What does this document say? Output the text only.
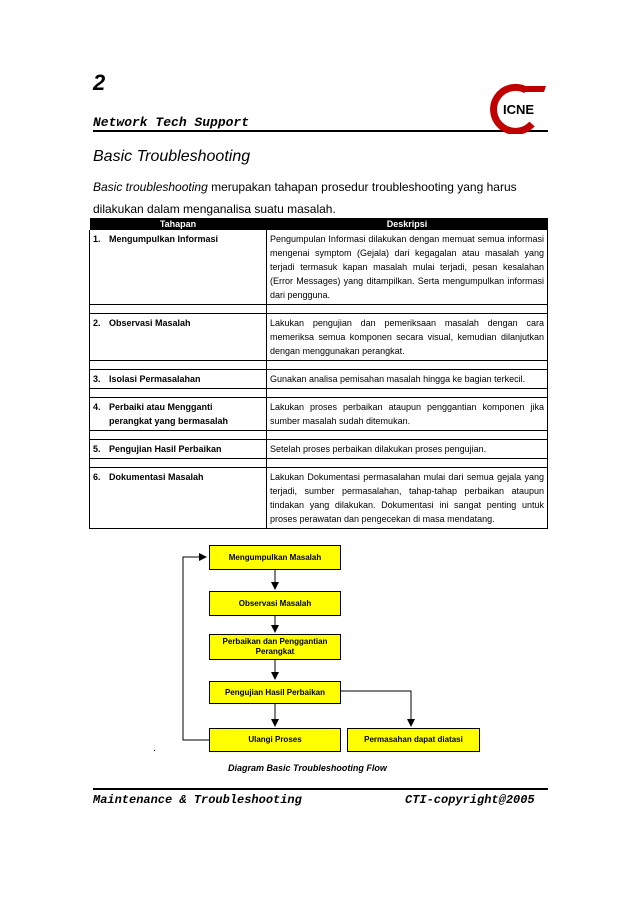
2
Network Tech Support
ICNE
Basic Troubleshooting
Basic troubleshooting merupakan tahapan prosedur troubleshooting yang harus dilakukan dalam menganalisa suatu masalah.
Tahapan	Deskripsi
1. Mengumpulkan Informasi	Pengumpulan Informasi dilakukan dengan memuat semua informasi mengenai symptom (Gejala) dari kegagalan atau masalah yang terjadi termasuk kapan masalah mulai terjadi, pesan kesalahan (Error Messages) yang ditampilkan. Serta mengumpulkan informasi dari pengguna.

2. Observasi Masalah	Lakukan pengujian dan pemeriksaan masalah dengan cara memeriksa semua komponen secara visual, kemudian dilanjutkan dengan menggunakan perangkat.

3. Isolasi Permasalahan	Gunakan analisa pemisahan masalah hingga ke bagian terkecil.

4. Perbaiki atau Mengganti perangkat yang bermasalah	Lakukan proses perbaikan ataupun penggantian komponen jika sumber masalah sudah ditemukan.

5. Pengujian Hasil Perbaikan	Setelah proses perbaikan dilakukan proses pengujian.

6. Dokumentasi Masalah	Lakukan Dokumentasi permasalahan mulai dari semua gejala yang terjadi, sumber permasalahan, tahap-tahap perbaikan ataupun tindakan yang dilakukan. Dokumentasi ini sangat penting untuk proses perawatan dan pengecekan di masa mendatang.
Mengumpulkan Masalah
Observasi Masalah
Perbaikan dan Penggantian Perangkat
Pengujian Hasil Perbaikan
Ulangi Proses	Permasahan dapat diatasi
.
Diagram Basic Troubleshooting Flow
Maintenance & Troubleshooting	CTI-copyright@2005
